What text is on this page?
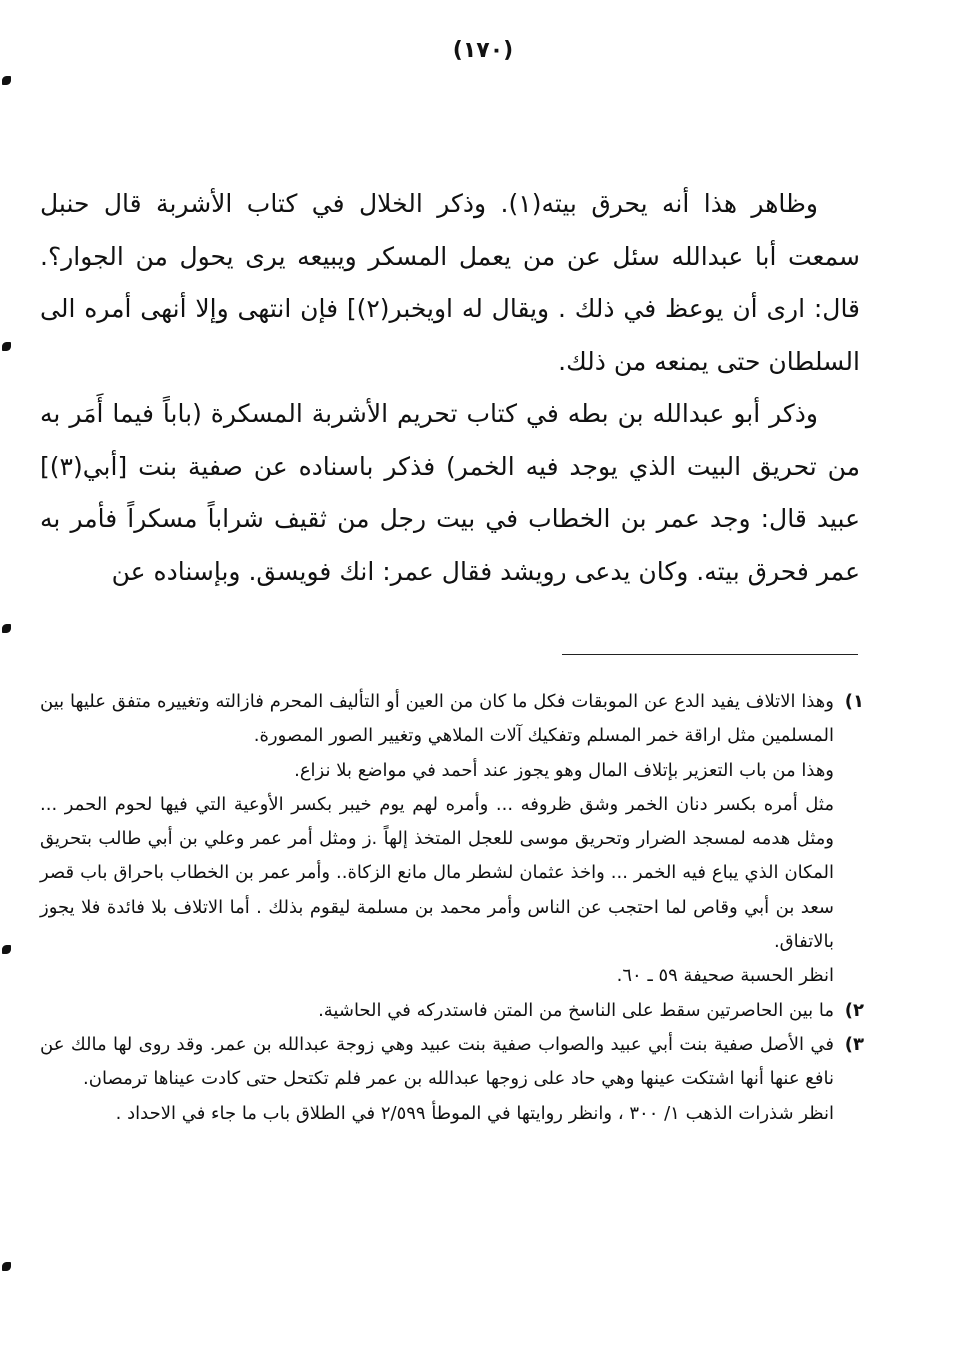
(١٧٠)

وظاهر هذا أنه يحرق بيته(١). وذكر الخلال في كتاب الأشربة قال حنبل سمعت أبا عبدالله سئل عن من يعمل المسكر ويبيعه يرى يحول من الجوار؟. قال: ارى أن يوعظ في ذلك . ويقال له اويخبر(٢)] فإن انتهى وإلا أنهى أمره الى السلطان حتى يمنعه من ذلك.

وذكر أبو عبدالله بن بطه في كتاب تحريم الأشربة المسكرة (باباً فيما أَمَر به من تحريق البيت الذي يوجد فيه الخمر) فذكر باسناده عن صفية بنت [أبي(٣)] عبيد قال: وجد عمر بن الخطاب في بيت رجل من ثقيف شراباً مسكراً فأمر به عمر فحرق بيته. وكان يدعى رويشد فقال عمر: انك فويسق. وبإسناده عن

١)

وهذا الاتلاف يفيد الدع عن الموبقات فكل ما كان من العين أو التأليف المحرم فازالته وتغييره متفق عليها بين المسلمين مثل اراقة خمر المسلم وتفكيك آلات الملاهي وتغيير الصور المصورة.

وهذا من باب التعزير بإتلاف المال وهو يجوز عند أحمد في مواضع بلا نزاع.

مثل أمره بكسر دنان الخمر وشق ظروفه ... وأمره لهم يوم خيبر بكسر الأوعية التي فيها لحوم الحمر ... ومثل هدمه لمسجد الضرار وتحريق موسى للعجل المتخذ إلهاً .ز ومثل أمر عمر وعلي بن أبي طالب بتحريق المكان الذي يباع فيه الخمر ... واخذ عثمان لشطر مال مانع الزكاة.. وأمر عمر بن الخطاب باحراق باب قصر سعد بن أبي وقاص لما احتجب عن الناس وأمر محمد بن مسلمة ليقوم بذلك . أما الاتلاف بلا فائدة فلا يجوز بالاتفاق.

انظر الحسبة صحيفة ٥٩ ـ ٦٠.

٢)

ما بين الحاصرتين سقط على الناسخ من المتن فاستدركه في الحاشية.

٣)

في الأصل صفية بنت أبي عبيد والصواب صفية بنت عبيد وهي زوجة عبدالله بن عمر. وقد روى لها مالك عن نافع عنها أنها اشتكت عينها وهي حاد على زوجها عبدالله بن عمر فلم تكتحل حتى كادت عيناها ترمصان.

انظر شذرات الذهب ١/ ٣٠٠ ، وانظر روايتها في الموطأ ٢/٥٩٩ في الطلاق باب ما جاء في الاحداد .
